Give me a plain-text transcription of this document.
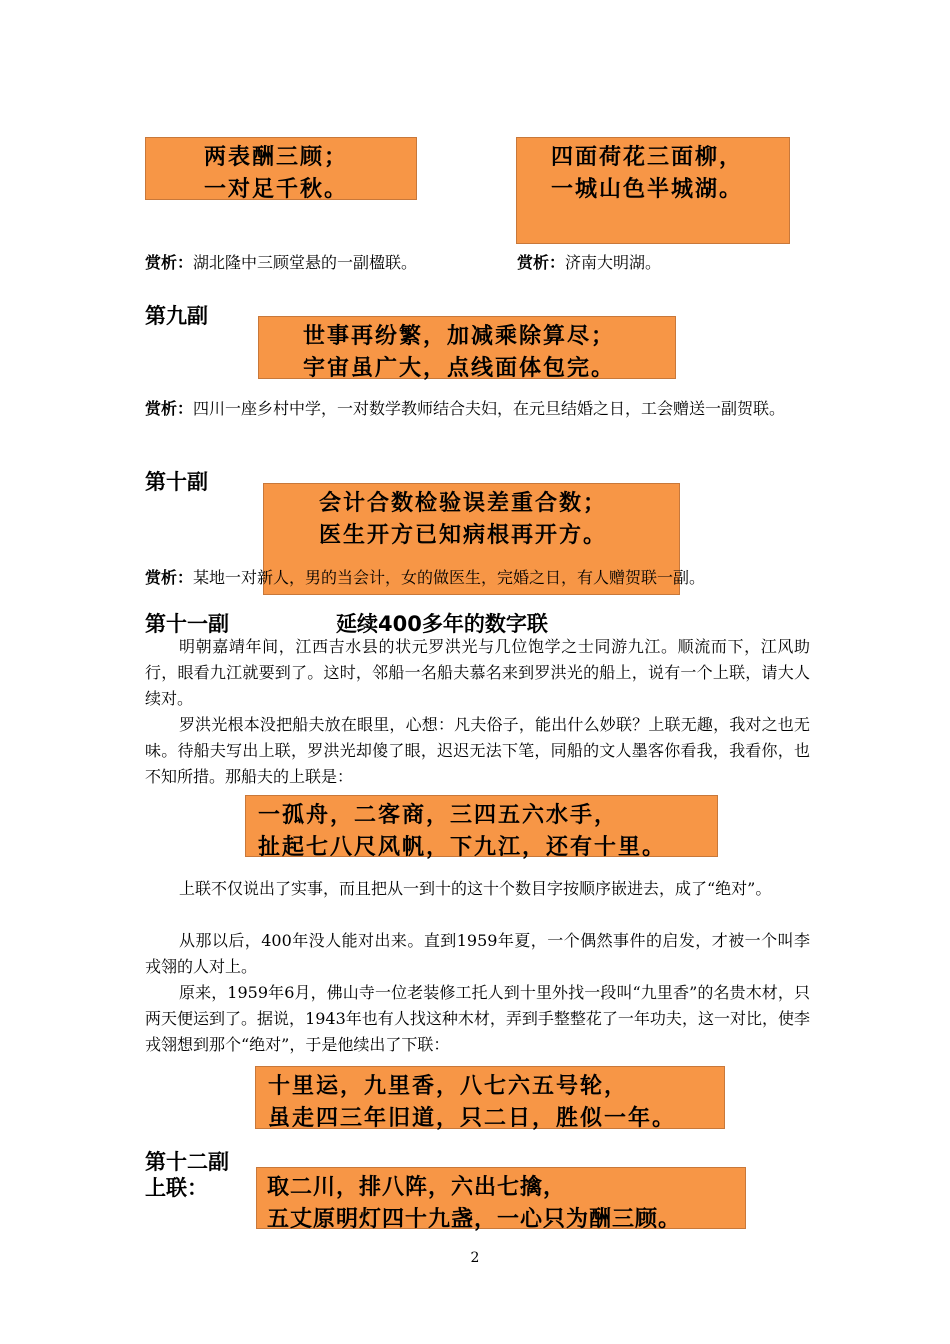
两表酬三顾；
一对足千秋。
四面荷花三面柳，
一城山色半城湖。
赏析：湖北隆中三顾堂悬的一副楹联。	赏析：济南大明湖。
第九副
世事再纷繁，加减乘除算尽；
宇宙虽广大，点线面体包完。
赏析：四川一座乡村中学，一对数学教师结合夫妇，在元旦结婚之日，工会赠送一副贺联。
第十副
会计合数检验误差重合数；
医生开方已知病根再开方。
赏析：某地一对新人，男的当会计，女的做医生，完婚之日，有人赠贺联一副。
第十一副	延续400多年的数字联
明朝嘉靖年间，江西吉水县的状元罗洪光与几位饱学之士同游九江。顺流而下，江风助行，眼看九江就要到了。这时，邻船一名船夫慕名来到罗洪光的船上，说有一个上联，请大人续对。
罗洪光根本没把船夫放在眼里，心想：凡夫俗子，能出什么妙联？上联无趣，我对之也无味。待船夫写出上联，罗洪光却傻了眼，迟迟无法下笔，同船的文人墨客你看我，我看你，也不知所措。那船夫的上联是：
一孤舟，二客商，三四五六水手，
扯起七八尺风帆，下九江，还有十里。
上联不仅说出了实事，而且把从一到十的这十个数目字按顺序嵌进去，成了“绝对”。
从那以后，400年没人能对出来。直到1959年夏，一个偶然事件的启发，才被一个叫李戎翎的人对上。
原来，1959年6月，佛山寺一位老装修工托人到十里外找一段叫“九里香”的名贵木材，只两天便运到了。据说，1943年也有人找这种木材，弄到手整整花了一年功夫，这一对比，使李戎翎想到那个“绝对”，于是他续出了下联：
十里运，九里香，八七六五号轮，
虽走四三年旧道，只二日，胜似一年。
第十二副
上联：	取二川，排八阵，六出七擒，
五丈原明灯四十九盏，一心只为酬三顾。
2
